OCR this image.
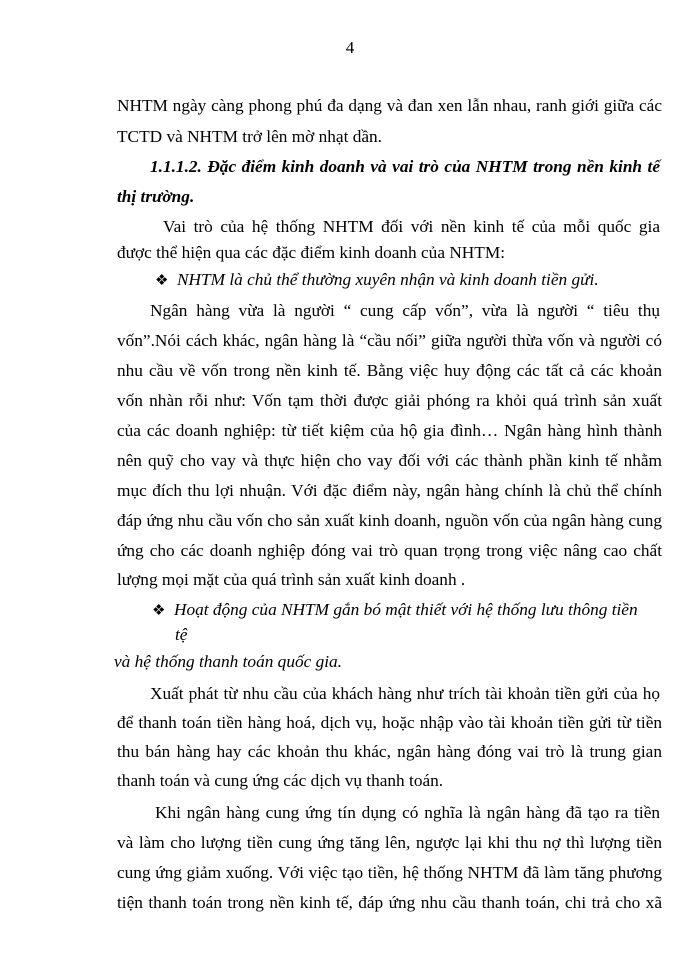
4
NHTM ngày càng phong phú đa dạng và đan xen lẫn nhau, ranh giới giữa các
TCTD và NHTM trở lên mờ nhạt dần.
1.1.1.2. Đặc điểm kinh doanh và vai trò của NHTM trong nền kinh tế
thị trường.
Vai trò của hệ thống NHTM đối với nền kinh tế của mỗi quốc gia
được thể hiện qua các đặc điểm kinh doanh của NHTM:
❖ NHTM là chủ thể thường xuyên nhận và kinh doanh tiền gửi.
Ngân hàng vừa là người “ cung cấp vốn”, vừa là người “ tiêu thụ
vốn”.Nói cách khác, ngân hàng là “cầu nối” giữa người thừa vốn và người có
nhu cầu về vốn trong nền kinh tế. Bằng việc huy động các tất cả các khoản
vốn nhàn rỗi như: Vốn tạm thời được giải phóng ra khỏi quá trình sản xuất
của các doanh nghiệp: từ tiết kiệm của hộ gia đình… Ngân hàng hình thành
nên quỹ cho vay và thực hiện cho vay đối với các thành phần kinh tế nhằm
mục đích thu lợi nhuận. Với đặc điểm này, ngân hàng chính là chủ thể chính
đáp ứng nhu cầu vốn cho sản xuất kinh doanh, nguồn vốn của ngân hàng cung
ứng cho các doanh nghiệp đóng vai trò quan trọng trong việc nâng cao chất
lượng mọi mặt của quá trình sản xuất kinh doanh .
❖ Hoạt động của NHTM gắn bó mật thiết với hệ thống lưu thông tiền
tệ
và hệ thống thanh toán quốc gia.
Xuất phát từ nhu cầu của khách hàng như trích tài khoản tiền gửi của họ
để thanh toán tiền hàng hoá, dịch vụ, hoặc nhập vào tài khoản tiền gửi từ tiền
thu bán hàng hay các khoản thu khác, ngân hàng đóng vai trò là trung gian
thanh toán và cung ứng các dịch vụ thanh toán.
Khi ngân hàng cung ứng tín dụng có nghĩa là ngân hàng đã tạo ra tiền
và làm cho lượng tiền cung ứng tăng lên, ngược lại khi thu nợ thì lượng tiền
cung ứng giảm xuống. Với việc tạo tiền, hệ thống NHTM đã làm tăng phương
tiện thanh toán trong nền kinh tế, đáp ứng nhu cầu thanh toán, chi trả cho xã
